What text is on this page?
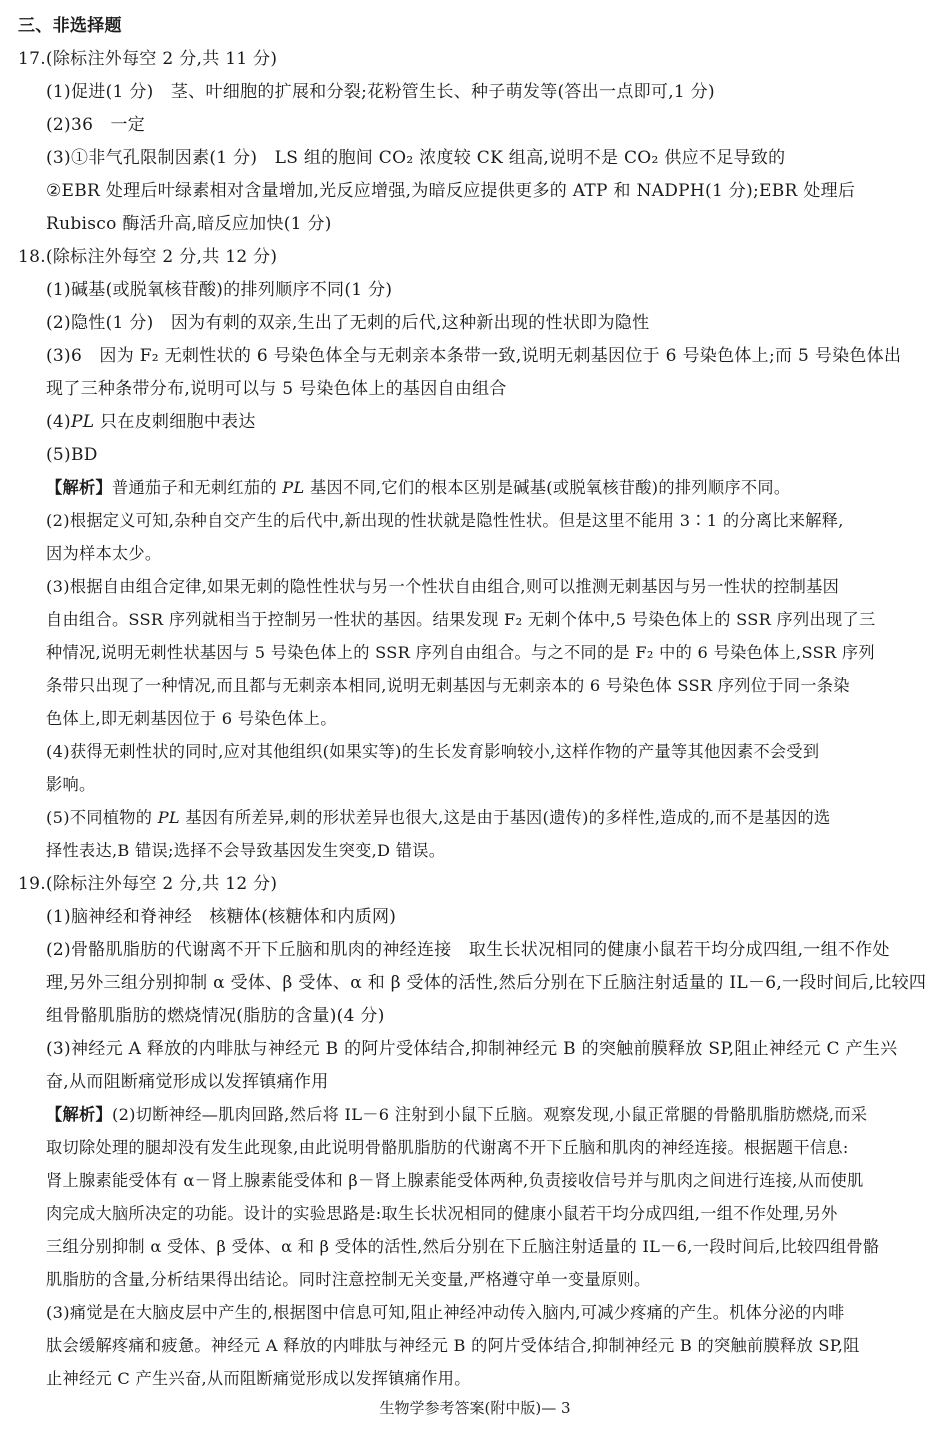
三、非选择题
17.(除标注外每空 2 分,共 11 分)
(1)促进(1 分)　茎、叶细胞的扩展和分裂;花粉管生长、种子萌发等(答出一点即可,1 分)
(2)36　一定
(3)①非气孔限制因素(1 分)　LS 组的胞间 CO₂ 浓度较 CK 组高,说明不是 CO₂ 供应不足导致的
②EBR 处理后叶绿素相对含量增加,光反应增强,为暗反应提供更多的 ATP 和 NADPH(1 分);EBR 处理后
Rubisco 酶活升高,暗反应加快(1 分)
18.(除标注外每空 2 分,共 12 分)
(1)碱基(或脱氧核苷酸)的排列顺序不同(1 分)
(2)隐性(1 分)　因为有刺的双亲,生出了无刺的后代,这种新出现的性状即为隐性
(3)6　因为 F₂ 无刺性状的 6 号染色体全与无刺亲本条带一致,说明无刺基因位于 6 号染色体上;而 5 号染色体出
现了三种条带分布,说明可以与 5 号染色体上的基因自由组合
(4)PL 只在皮刺细胞中表达
(5)BD
【解析】普通茄子和无刺红茄的 PL 基因不同,它们的根本区别是碱基(或脱氧核苷酸)的排列顺序不同。
(2)根据定义可知,杂种自交产生的后代中,新出现的性状就是隐性性状。但是这里不能用 3∶1 的分离比来解释,
因为样本太少。
(3)根据自由组合定律,如果无刺的隐性性状与另一个性状自由组合,则可以推测无刺基因与另一性状的控制基因
自由组合。SSR 序列就相当于控制另一性状的基因。结果发现 F₂ 无刺个体中,5 号染色体上的 SSR 序列出现了三
种情况,说明无刺性状基因与 5 号染色体上的 SSR 序列自由组合。与之不同的是 F₂ 中的 6 号染色体上,SSR 序列
条带只出现了一种情况,而且都与无刺亲本相同,说明无刺基因与无刺亲本的 6 号染色体 SSR 序列位于同一条染
色体上,即无刺基因位于 6 号染色体上。
(4)获得无刺性状的同时,应对其他组织(如果实等)的生长发育影响较小,这样作物的产量等其他因素不会受到
影响。
(5)不同植物的 PL 基因有所差异,刺的形状差异也很大,这是由于基因(遗传)的多样性,造成的,而不是基因的选
择性表达,B 错误;选择不会导致基因发生突变,D 错误。
19.(除标注外每空 2 分,共 12 分)
(1)脑神经和脊神经　核糖体(核糖体和内质网)
(2)骨骼肌脂肪的代谢离不开下丘脑和肌肉的神经连接　取生长状况相同的健康小鼠若干均分成四组,一组不作处
理,另外三组分别抑制 α 受体、β 受体、α 和 β 受体的活性,然后分别在下丘脑注射适量的 IL－6,一段时间后,比较四
组骨骼肌脂肪的燃烧情况(脂肪的含量)(4 分)
(3)神经元 A 释放的内啡肽与神经元 B 的阿片受体结合,抑制神经元 B 的突触前膜释放 SP,阻止神经元 C 产生兴
奋,从而阻断痛觉形成以发挥镇痛作用
【解析】(2)切断神经—肌肉回路,然后将 IL－6 注射到小鼠下丘脑。观察发现,小鼠正常腿的骨骼肌脂肪燃烧,而采
取切除处理的腿却没有发生此现象,由此说明骨骼肌脂肪的代谢离不开下丘脑和肌肉的神经连接。根据题干信息:
肾上腺素能受体有 α－肾上腺素能受体和 β－肾上腺素能受体两种,负责接收信号并与肌肉之间进行连接,从而使肌
肉完成大脑所决定的功能。设计的实验思路是:取生长状况相同的健康小鼠若干均分成四组,一组不作处理,另外
三组分别抑制 α 受体、β 受体、α 和 β 受体的活性,然后分别在下丘脑注射适量的 IL－6,一段时间后,比较四组骨骼
肌脂肪的含量,分析结果得出结论。同时注意控制无关变量,严格遵守单一变量原则。
(3)痛觉是在大脑皮层中产生的,根据图中信息可知,阻止神经冲动传入脑内,可减少疼痛的产生。机体分泌的内啡
肽会缓解疼痛和疲惫。神经元 A 释放的内啡肽与神经元 B 的阿片受体结合,抑制神经元 B 的突触前膜释放 SP,阻
止神经元 C 产生兴奋,从而阻断痛觉形成以发挥镇痛作用。
生物学参考答案(附中版)— 3
